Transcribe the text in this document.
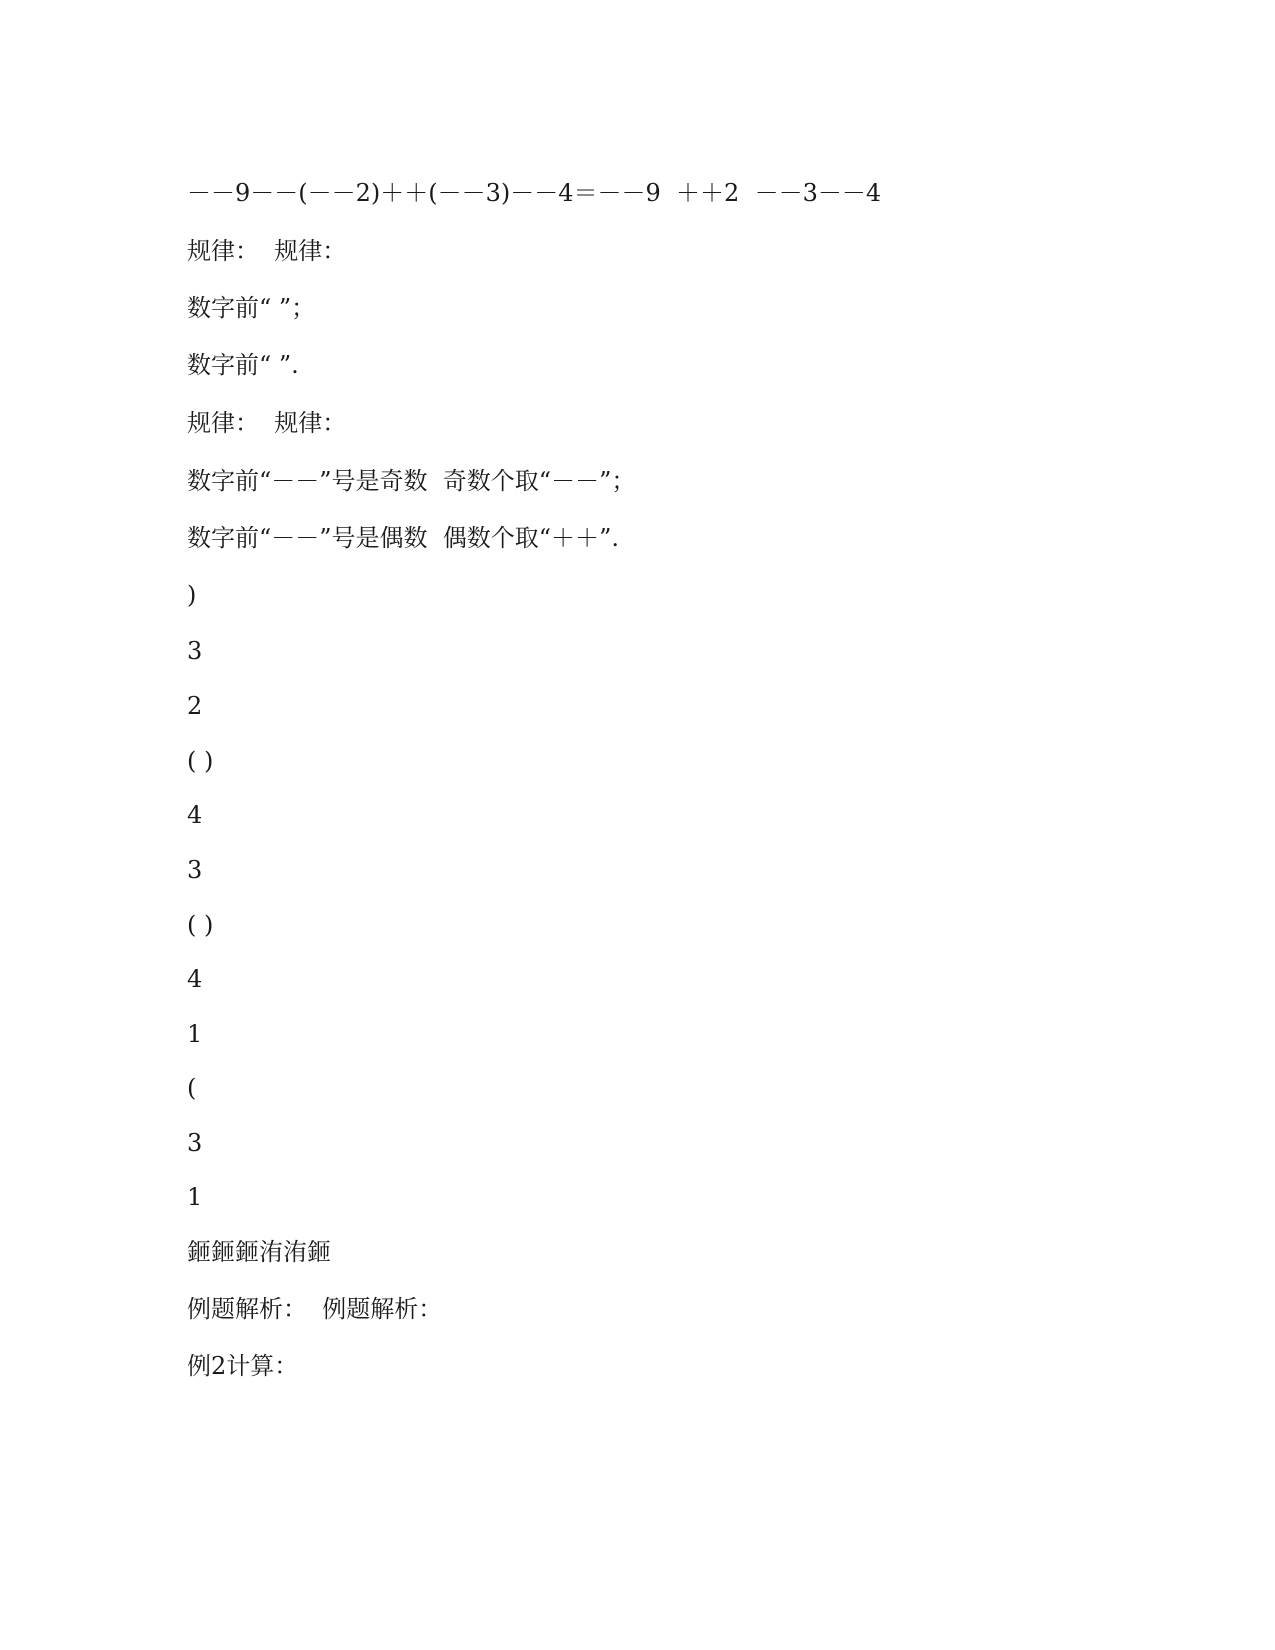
－－9－－(－－2)＋＋(－－3)－－4＝－－9  ＋＋2  －－3－－4

规律：  规律：

数字前“ ”；

数字前“ ”.

规律：  规律：

数字前“－－”号是奇数  奇数个取“－－”；

数字前“－－”号是偶数  偶数个取“＋＋”.

)

3

2

( )

4

3

( )

4

1

(

3

1

鉔鉔鉔洧洧鉔

例题解析：  例题解析：

例2计算：
